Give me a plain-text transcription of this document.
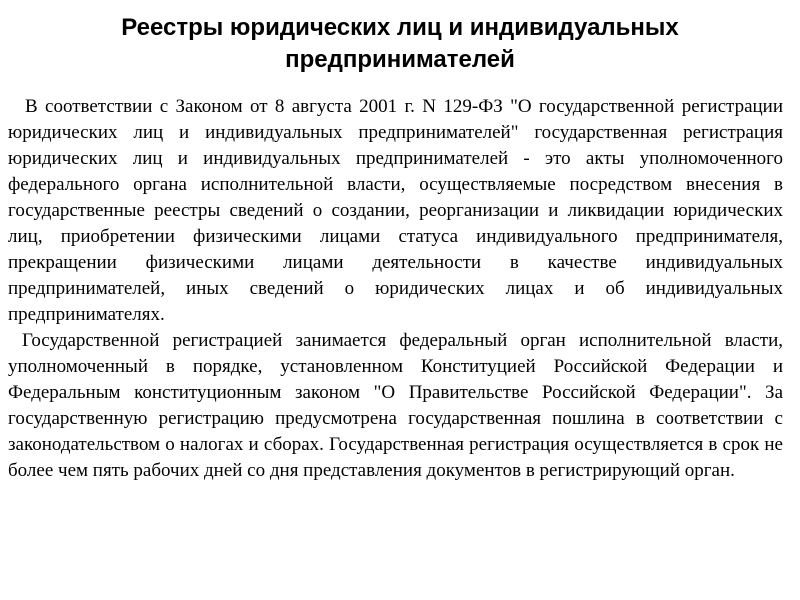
Реестры юридических лиц и индивидуальных предпринимателей

В соответствии с Законом от 8 августа 2001 г. N 129-ФЗ "О государственной регистрации юридических лиц и индивидуальных предпринимателей" государственная регистрация юридических лиц и индивидуальных предпринимателей - это акты уполномоченного федерального органа исполнительной власти, осуществляемые посредством внесения в государственные реестры сведений о создании, реорганизации и ликвидации юридических лиц, приобретении физическими лицами статуса индивидуального предпринимателя, прекращении физическими лицами деятельности в качестве индивидуальных предпринимателей, иных сведений о юридических лицах и об индивидуальных предпринимателях.

Государственной регистрацией занимается федеральный орган исполнительной власти, уполномоченный в порядке, установленном Конституцией Российской Федерации и Федеральным конституционным законом "О Правительстве Российской Федерации". За государственную регистрацию предусмотрена государственная пошлина в соответствии с законодательством о налогах и сборах. Государственная регистрация осуществляется в срок не более чем пять рабочих дней со дня представления документов в регистрирующий орган.
